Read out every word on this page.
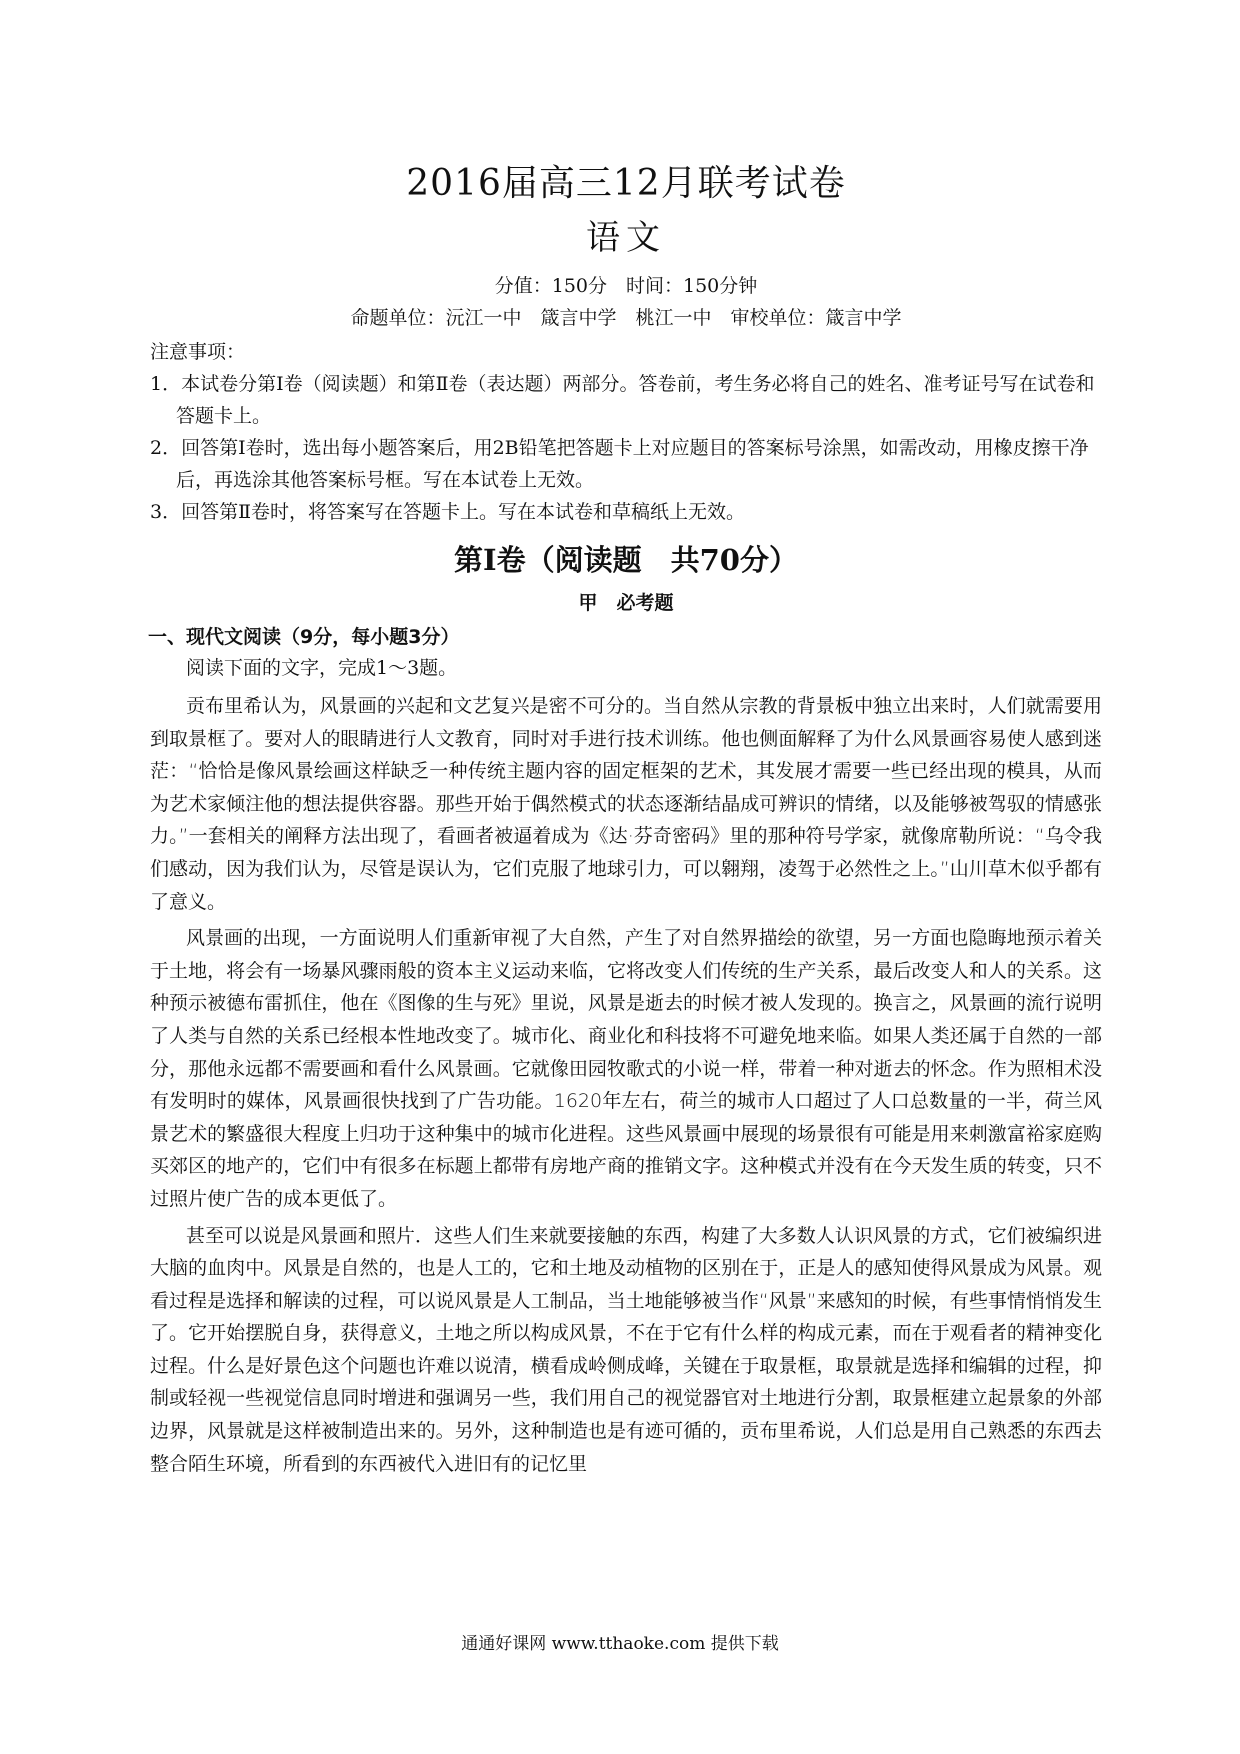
2016届高三12月联考试卷
语文

分值：150分　时间：150分钟

命题单位：沅江一中　箴言中学　桃江一中　审校单位：箴言中学

注意事项：

1．本试卷分第Ⅰ卷（阅读题）和第Ⅱ卷（表达题）两部分。答卷前，考生务必将自己的姓名、准考证号写在试卷和答题卡上。

2．回答第Ⅰ卷时，选出每小题答案后，用2B铅笔把答题卡上对应题目的答案标号涂黑，如需改动，用橡皮擦干净后，再选涂其他答案标号框。写在本试卷上无效。

3．回答第Ⅱ卷时，将答案写在答题卡上。写在本试卷和草稿纸上无效。

第Ⅰ卷（阅读题　共70分）
甲　必考题
一、现代文阅读（9分，每小题3分）

阅读下面的文字，完成1～3题。

贡布里希认为，风景画的兴起和文艺复兴是密不可分的。当自然从宗教的背景板中独立出来时，人们就需要用到取景框了。要对人的眼睛进行人文教育，同时对手进行技术训练。他也侧面解释了为什么风景画容易使人感到迷茫：“恰恰是像风景绘画这样缺乏一种传统主题内容的固定框架的艺术，其发展才需要一些已经出现的模具，从而为艺术家倾注他的想法提供容器。那些开始于偶然模式的状态逐渐结晶成可辨识的情绪，以及能够被驾驭的情感张力。”一套相关的阐释方法出现了，看画者被逼着成为《达·芬奇密码》里的那种符号学家，就像席勒所说：“乌令我们感动，因为我们认为，尽管是误认为，它们克服了地球引力，可以翱翔，凌驾于必然性之上。”山川草木似乎都有了意义。

风景画的出现，一方面说明人们重新审视了大自然，产生了对自然界描绘的欲望，另一方面也隐晦地预示着关于土地，将会有一场暴风骤雨般的资本主义运动来临，它将改变人们传统的生产关系，最后改变人和人的关系。这种预示被德布雷抓住，他在《图像的生与死》里说，风景是逝去的时候才被人发现的。换言之，风景画的流行说明了人类与自然的关系已经根本性地改变了。城市化、商业化和科技将不可避免地来临。如果人类还属于自然的一部分，那他永远都不需要画和看什么风景画。它就像田园牧歌式的小说一样，带着一种对逝去的怀念。作为照相术没有发明时的媒体，风景画很快找到了广告功能。1620年左右，荷兰的城市人口超过了人口总数量的一半，荷兰风景艺术的繁盛很大程度上归功于这种集中的城市化进程。这些风景画中展现的场景很有可能是用来刺激富裕家庭购买郊区的地产的，它们中有很多在标题上都带有房地产商的推销文字。这种模式并没有在今天发生质的转变，只不过照片使广告的成本更低了。

甚至可以说是风景画和照片．这些人们生来就要接触的东西，构建了大多数人认识风景的方式，它们被编织进大脑的血肉中。风景是自然的，也是人工的，它和土地及动植物的区别在于，正是人的感知使得风景成为风景。观看过程是选择和解读的过程，可以说风景是人工制品，当土地能够被当作“风景”来感知的时候，有些事情悄悄发生了。它开始摆脱自身，获得意义，土地之所以构成风景，不在于它有什么样的构成元素，而在于观看者的精神变化过程。什么是好景色这个问题也许难以说清，横看成岭侧成峰，关键在于取景框，取景就是选择和编辑的过程，抑制或轻视一些视觉信息同时增进和强调另一些，我们用自己的视觉器官对土地进行分割，取景框建立起景象的外部边界，风景就是这样被制造出来的。另外，这种制造也是有迹可循的，贡布里希说，人们总是用自己熟悉的东西去整合陌生环境，所看到的东西被代入进旧有的记忆里

通通好课网 www.tthaoke.com 提供下载
